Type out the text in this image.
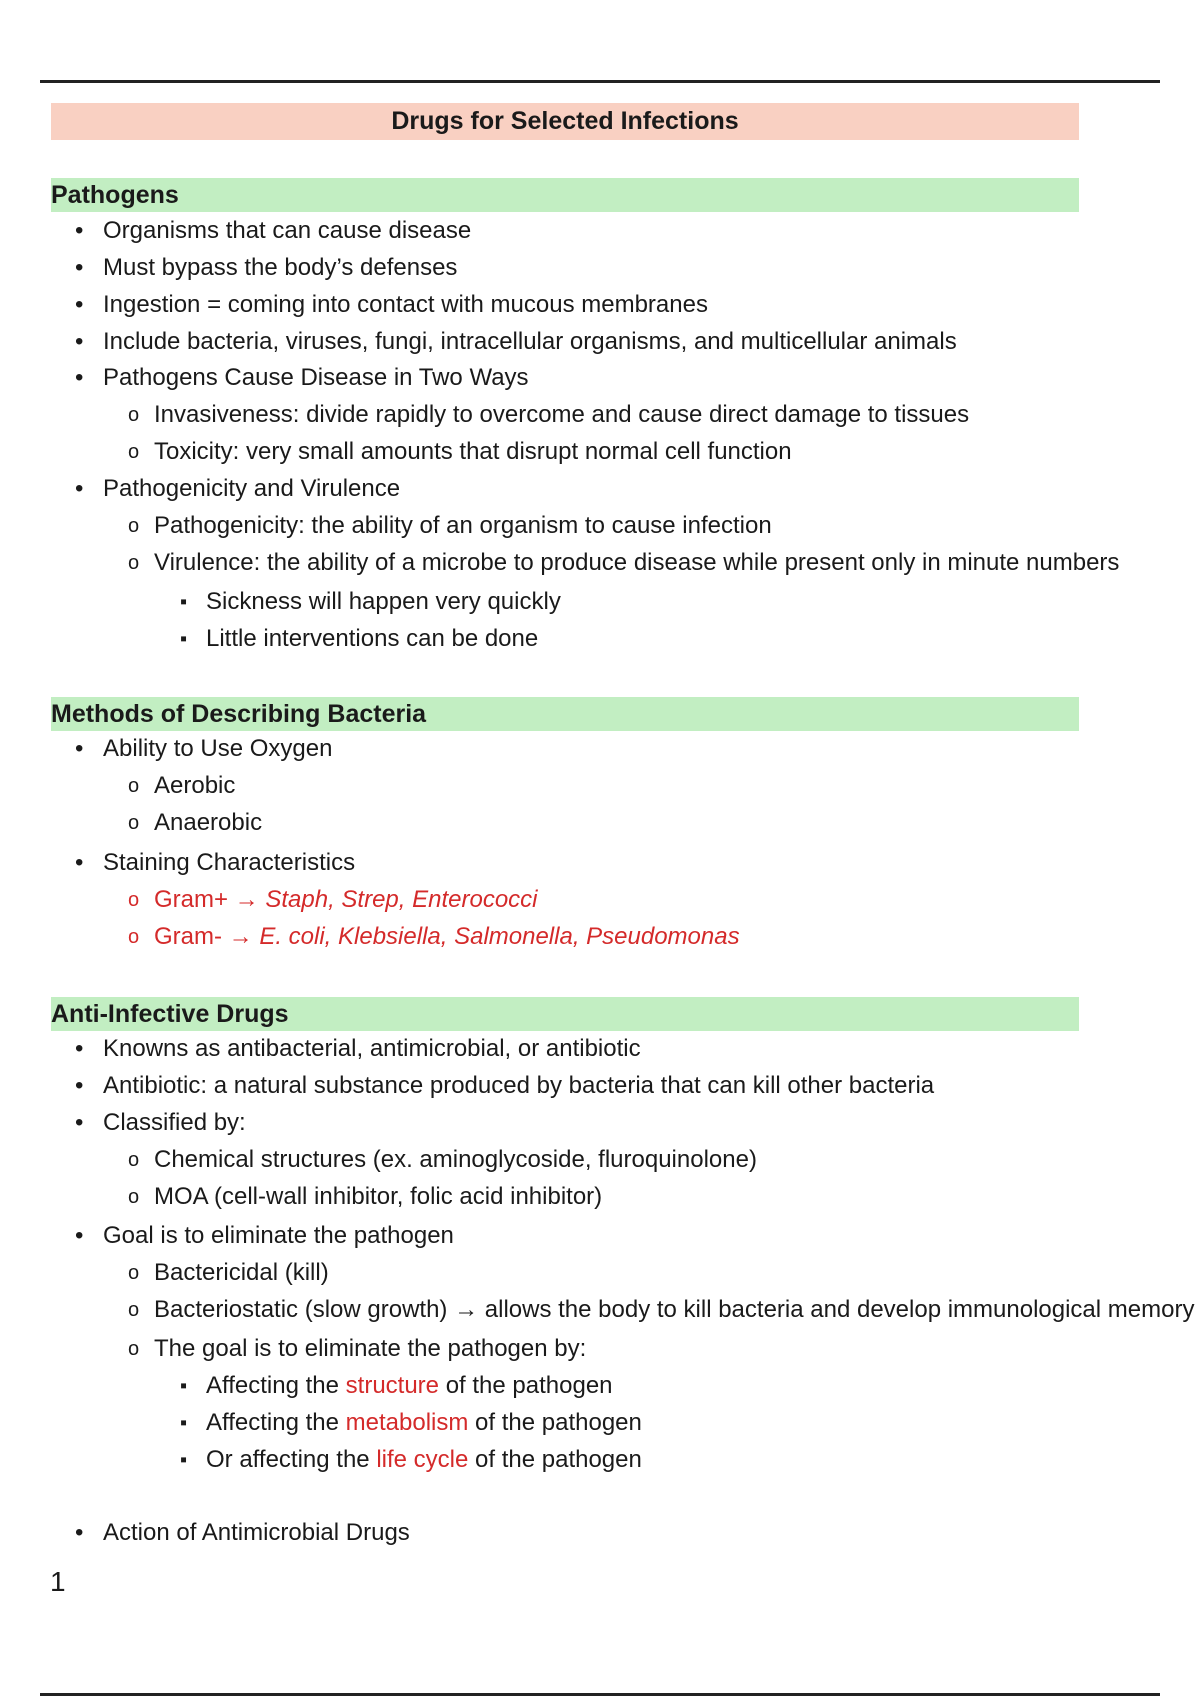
Drugs for Selected Infections
Pathogens
• Organisms that can cause disease
• Must bypass the body’s defenses
• Ingestion = coming into contact with mucous membranes
• Include bacteria, viruses, fungi, intracellular organisms, and multicellular animals
• Pathogens Cause Disease in Two Ways
o Invasiveness: divide rapidly to overcome and cause direct damage to tissues
o Toxicity: very small amounts that disrupt normal cell function
• Pathogenicity and Virulence
o Pathogenicity: the ability of an organism to cause infection
o Virulence: the ability of a microbe to produce disease while present only in minute numbers
▪ Sickness will happen very quickly
▪ Little interventions can be done
Methods of Describing Bacteria
• Ability to Use Oxygen
o Aerobic
o Anaerobic
• Staining Characteristics
o Gram+ → Staph, Strep, Enterococci
o Gram- → E. coli, Klebsiella, Salmonella, Pseudomonas
Anti-Infective Drugs
• Knowns as antibacterial, antimicrobial, or antibiotic
• Antibiotic: a natural substance produced by bacteria that can kill other bacteria
• Classified by:
o Chemical structures (ex. aminoglycoside, fluroquinolone)
o MOA (cell-wall inhibitor, folic acid inhibitor)
• Goal is to eliminate the pathogen
o Bactericidal (kill)
o Bacteriostatic (slow growth) → allows the body to kill bacteria and develop immunological memory
o The goal is to eliminate the pathogen by:
▪ Affecting the structure of the pathogen
▪ Affecting the metabolism of the pathogen
▪ Or affecting the life cycle of the pathogen
• Action of Antimicrobial Drugs
1
